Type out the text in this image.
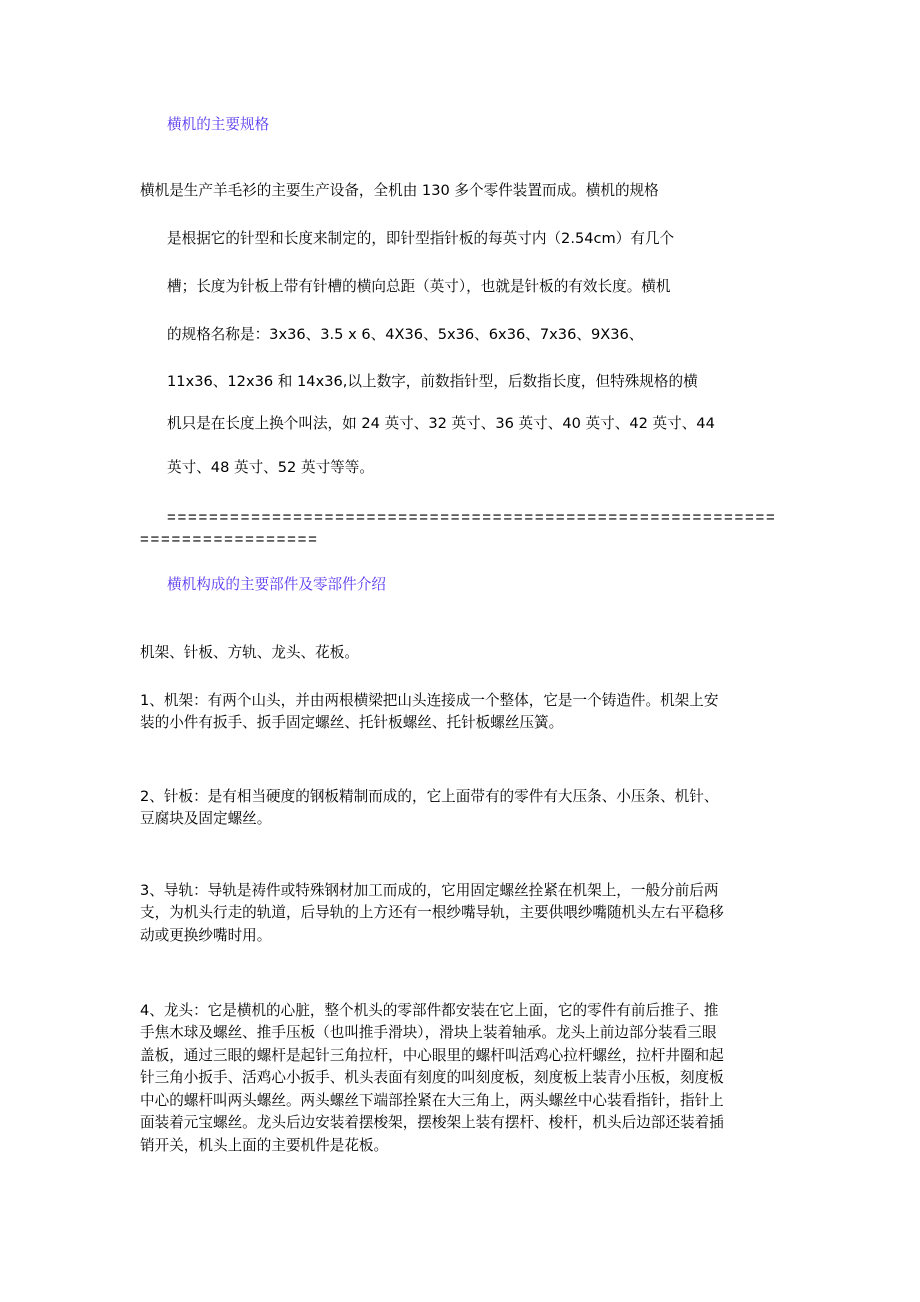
横机的主要规格
横机是生产羊毛衫的主要生产设备，全机由 130 多个零件装置而成。横机的规格
是根据它的针型和长度来制定的，即针型指针板的每英寸内（2.54cm）有几个
槽；长度为针板上带有针槽的横向总距（英寸），也就是针板的有效长度。横机
的规格名称是：3x36、3.5 x 6、4X36、5x36、6x36、7x36、9X36、
11x36、12x36 和 14x36,以上数字，前数指针型，后数指长度，但特殊规格的横
机只是在长度上换个叫法，如 24 英寸、32 英寸、36 英寸、40 英寸、42 英寸、44
英寸、48 英寸、52 英寸等等。
==========================================================
=================
横机构成的主要部件及零部件介绍
机架、针板、方轨、龙头、花板。
1、机架：有两个山头，并由两根横梁把山头连接成一个整体，它是一个铸造件。机架上安
装的小件有扳手、扳手固定螺丝、托针板螺丝、托针板螺丝压簧。
2、针板：是有相当硬度的钢板精制而成的，它上面带有的零件有大压条、小压条、机针、
豆腐块及固定螺丝。
3、导轨：导轨是祷件或特殊钢材加工而成的，它用固定螺丝拴紧在机架上，一般分前后两
支，为机头行走的轨道，后导轨的上方还有一根纱嘴导轨，主要供喂纱嘴随机头左右平稳移
动或更换纱嘴时用。
4、龙头：它是横机的心脏，整个机头的零部件都安装在它上面，它的零件有前后推子、推
手焦木球及螺丝、推手压板（也叫推手滑块），滑块上装着轴承。龙头上前边部分装看三眼
盖板，通过三眼的螺杆是起针三角拉杆，中心眼里的螺杆叫活鸡心拉杆螺丝，拉杆井圈和起
针三角小扳手、活鸡心小扳手、机头表面有刻度的叫刻度板，刻度板上装青小压板，刻度板
中心的螺杆叫两头螺丝。两头螺丝下端部拴紧在大三角上，两头螺丝中心装看指针，指针上
面装着元宝螺丝。龙头后边安装着摆梭架，摆梭架上装有摆杆、梭杆，机头后边部还装着插
销开关，机头上面的主要机件是花板。
